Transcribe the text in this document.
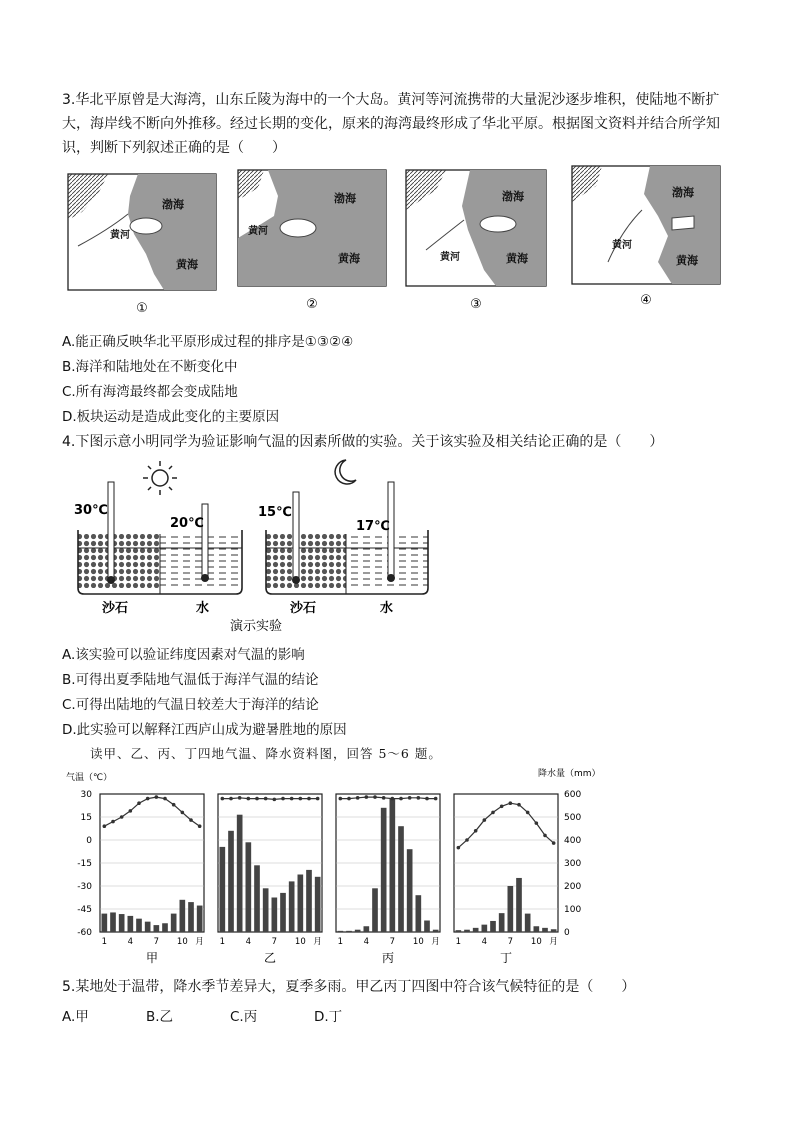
3.华北平原曾是大海湾，山东丘陵为海中的一个大岛。黄河等河流携带的大量泥沙逐步堆积，使陆地不断扩大，海岸线不断向外推移。经过长期的变化，原来的海湾最终形成了华北平原。根据图文资料并结合所学知识，判断下列叙述正确的是（　　）
渤海
黄海
黄河
①
渤海
黄海
黄河
②
渤海
黄海
黄河
③
渤海
黄海
黄河
④
A.能正确反映华北平原形成过程的排序是①③②④
B.海洋和陆地处在不断变化中
C.所有海湾最终都会变成陆地
D.板块运动是造成此变化的主要原因
4.下图示意小明同学为验证影响气温的因素所做的实验。关于该实验及相关结论正确的是（　　）
30℃
20℃
沙石	水
15℃
17℃
沙石	水
演示实验
A.该实验可以验证纬度因素对气温的影响
B.可得出夏季陆地气温低于海洋气温的结论
C.可得出陆地的气温日较差大于海洋的结论
D.此实验可以解释江西庐山成为避暑胜地的原因
读甲、乙、丙、丁四地气温、降水资料图，回答 5～6 题。
气温（℃）	降水量（mm）
30
15
0
-15
-30
-45
-60
600
500
400
300
200
100
0
1 4 7 10 月
甲
1 4 7 10 月
乙
1 4 7 10 月
丙
1 4 7 10 月
丁
5.某地处于温带，降水季节差异大，夏季多雨。甲乙丙丁四图中符合该气候特征的是（　　）
A.甲	B.乙	C.丙	D.丁
